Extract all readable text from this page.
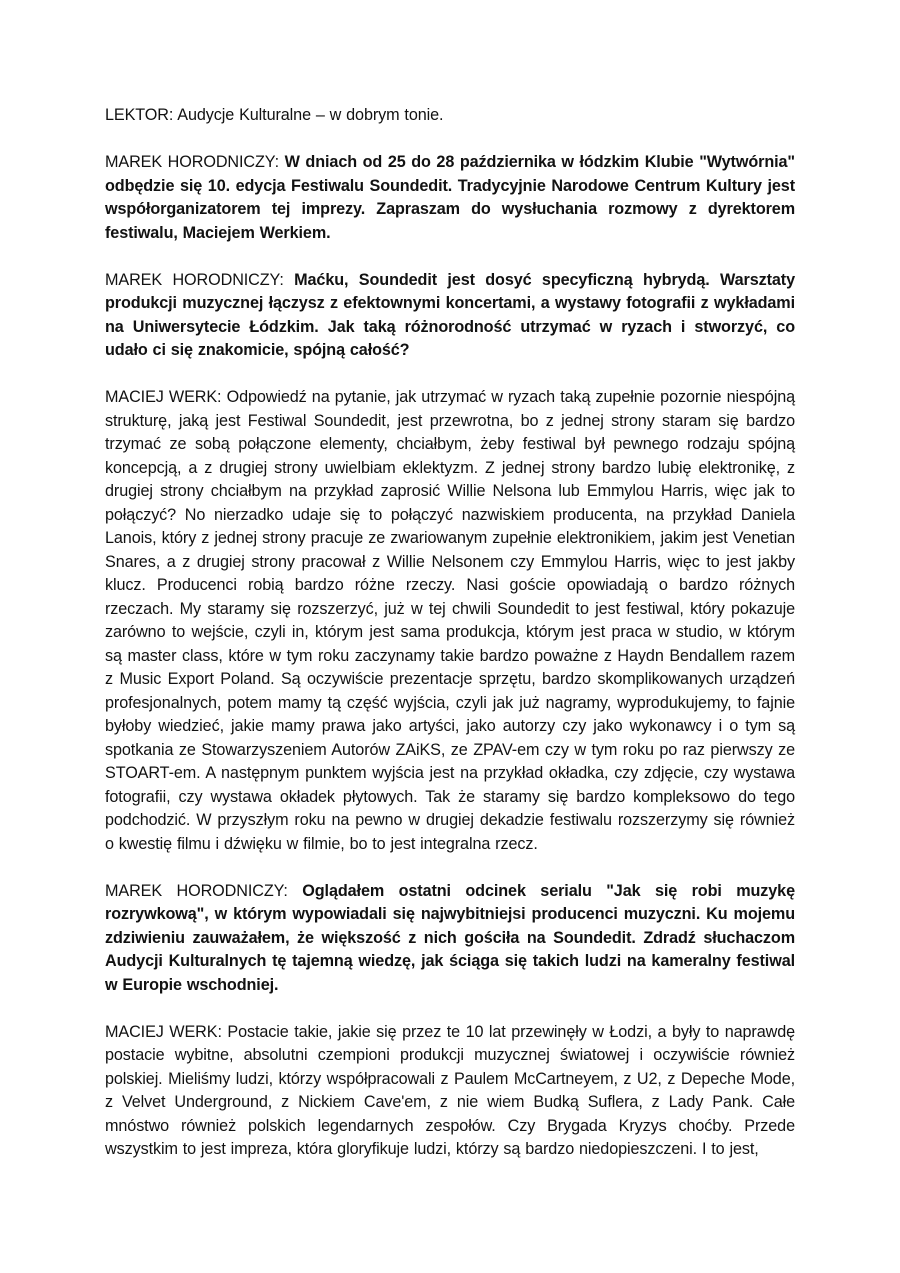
LEKTOR: Audycje Kulturalne – w dobrym tonie.

MAREK HORODNICZY: W dniach od 25 do 28 października w łódzkim Klubie "Wytwórnia" odbędzie się 10. edycja Festiwalu Soundedit. Tradycyjnie Narodowe Centrum Kultury jest współorganizatorem tej imprezy. Zapraszam do wysłuchania rozmowy z dyrektorem festiwalu, Maciejem Werkiem.

MAREK HORODNICZY: Maćku, Soundedit jest dosyć specyficzną hybrydą. Warsztaty produkcji muzycznej łączysz z efektownymi koncertami, a wystawy fotografii z wykładami na Uniwersytecie Łódzkim. Jak taką różnorodność utrzymać w ryzach i stworzyć, co udało ci się znakomicie, spójną całość?

MACIEJ WERK: Odpowiedź na pytanie, jak utrzymać w ryzach taką zupełnie pozornie niespójną strukturę, jaką jest Festiwal Soundedit, jest przewrotna, bo z jednej strony staram się bardzo trzymać ze sobą połączone elementy, chciałbym, żeby festiwal był pewnego rodzaju spójną koncepcją, a z drugiej strony uwielbiam eklektyzm. Z jednej strony bardzo lubię elektronikę, z drugiej strony chciałbym na przykład zaprosić Willie Nelsona lub Emmylou Harris, więc jak to połączyć? No nierzadko udaje się to połączyć nazwiskiem producenta, na przykład Daniela Lanois, który z jednej strony pracuje ze zwariowanym zupełnie elektronikiem, jakim jest Venetian Snares, a z drugiej strony pracował z Willie Nelsonem czy Emmylou Harris, więc to jest jakby klucz. Producenci robią bardzo różne rzeczy. Nasi goście opowiadają o bardzo różnych rzeczach. My staramy się rozszerzyć, już w tej chwili Soundedit to jest festiwal, który pokazuje zarówno to wejście, czyli in, którym jest sama produkcja, którym jest praca w studio, w którym są master class, które w tym roku zaczynamy takie bardzo poważne z Haydn Bendallem razem z Music Export Poland. Są oczywiście prezentacje sprzętu, bardzo skomplikowanych urządzeń profesjonalnych, potem mamy tą część wyjścia, czyli jak już nagramy, wyprodukujemy, to fajnie byłoby wiedzieć, jakie mamy prawa jako artyści, jako autorzy czy jako wykonawcy i o tym są spotkania ze Stowarzyszeniem Autorów ZAiKS, ze ZPAV-em czy w tym roku po raz pierwszy ze STOART-em. A następnym punktem wyjścia jest na przykład okładka, czy zdjęcie, czy wystawa fotografii, czy wystawa okładek płytowych. Tak że staramy się bardzo kompleksowo do tego podchodzić. W przyszłym roku na pewno w drugiej dekadzie festiwalu rozszerzymy się również o kwestię filmu i dźwięku w filmie, bo to jest integralna rzecz.

MAREK HORODNICZY: Oglądałem ostatni odcinek serialu "Jak się robi muzykę rozrywkową", w którym wypowiadali się najwybitniejsi producenci muzyczni. Ku mojemu zdziwieniu zauważałem, że większość z nich gościła na Soundedit. Zdradź słuchaczom Audycji Kulturalnych tę tajemną wiedzę, jak ściąga się takich ludzi na kameralny festiwal w Europie wschodniej.

MACIEJ WERK: Postacie takie, jakie się przez te 10 lat przewinęły w Łodzi, a były to naprawdę postacie wybitne, absolutni czempioni produkcji muzycznej światowej i oczywiście również polskiej. Mieliśmy ludzi, którzy współpracowali z Paulem McCartneyem, z U2, z Depeche Mode, z Velvet Underground, z Nickiem Cave'em, z nie wiem Budką Suflera, z Lady Pank. Całe mnóstwo również polskich legendarnych zespołów. Czy Brygada Kryzys choćby. Przede wszystkim to jest impreza, która gloryfikuje ludzi, którzy są bardzo niedopieszczeni. I to jest,
